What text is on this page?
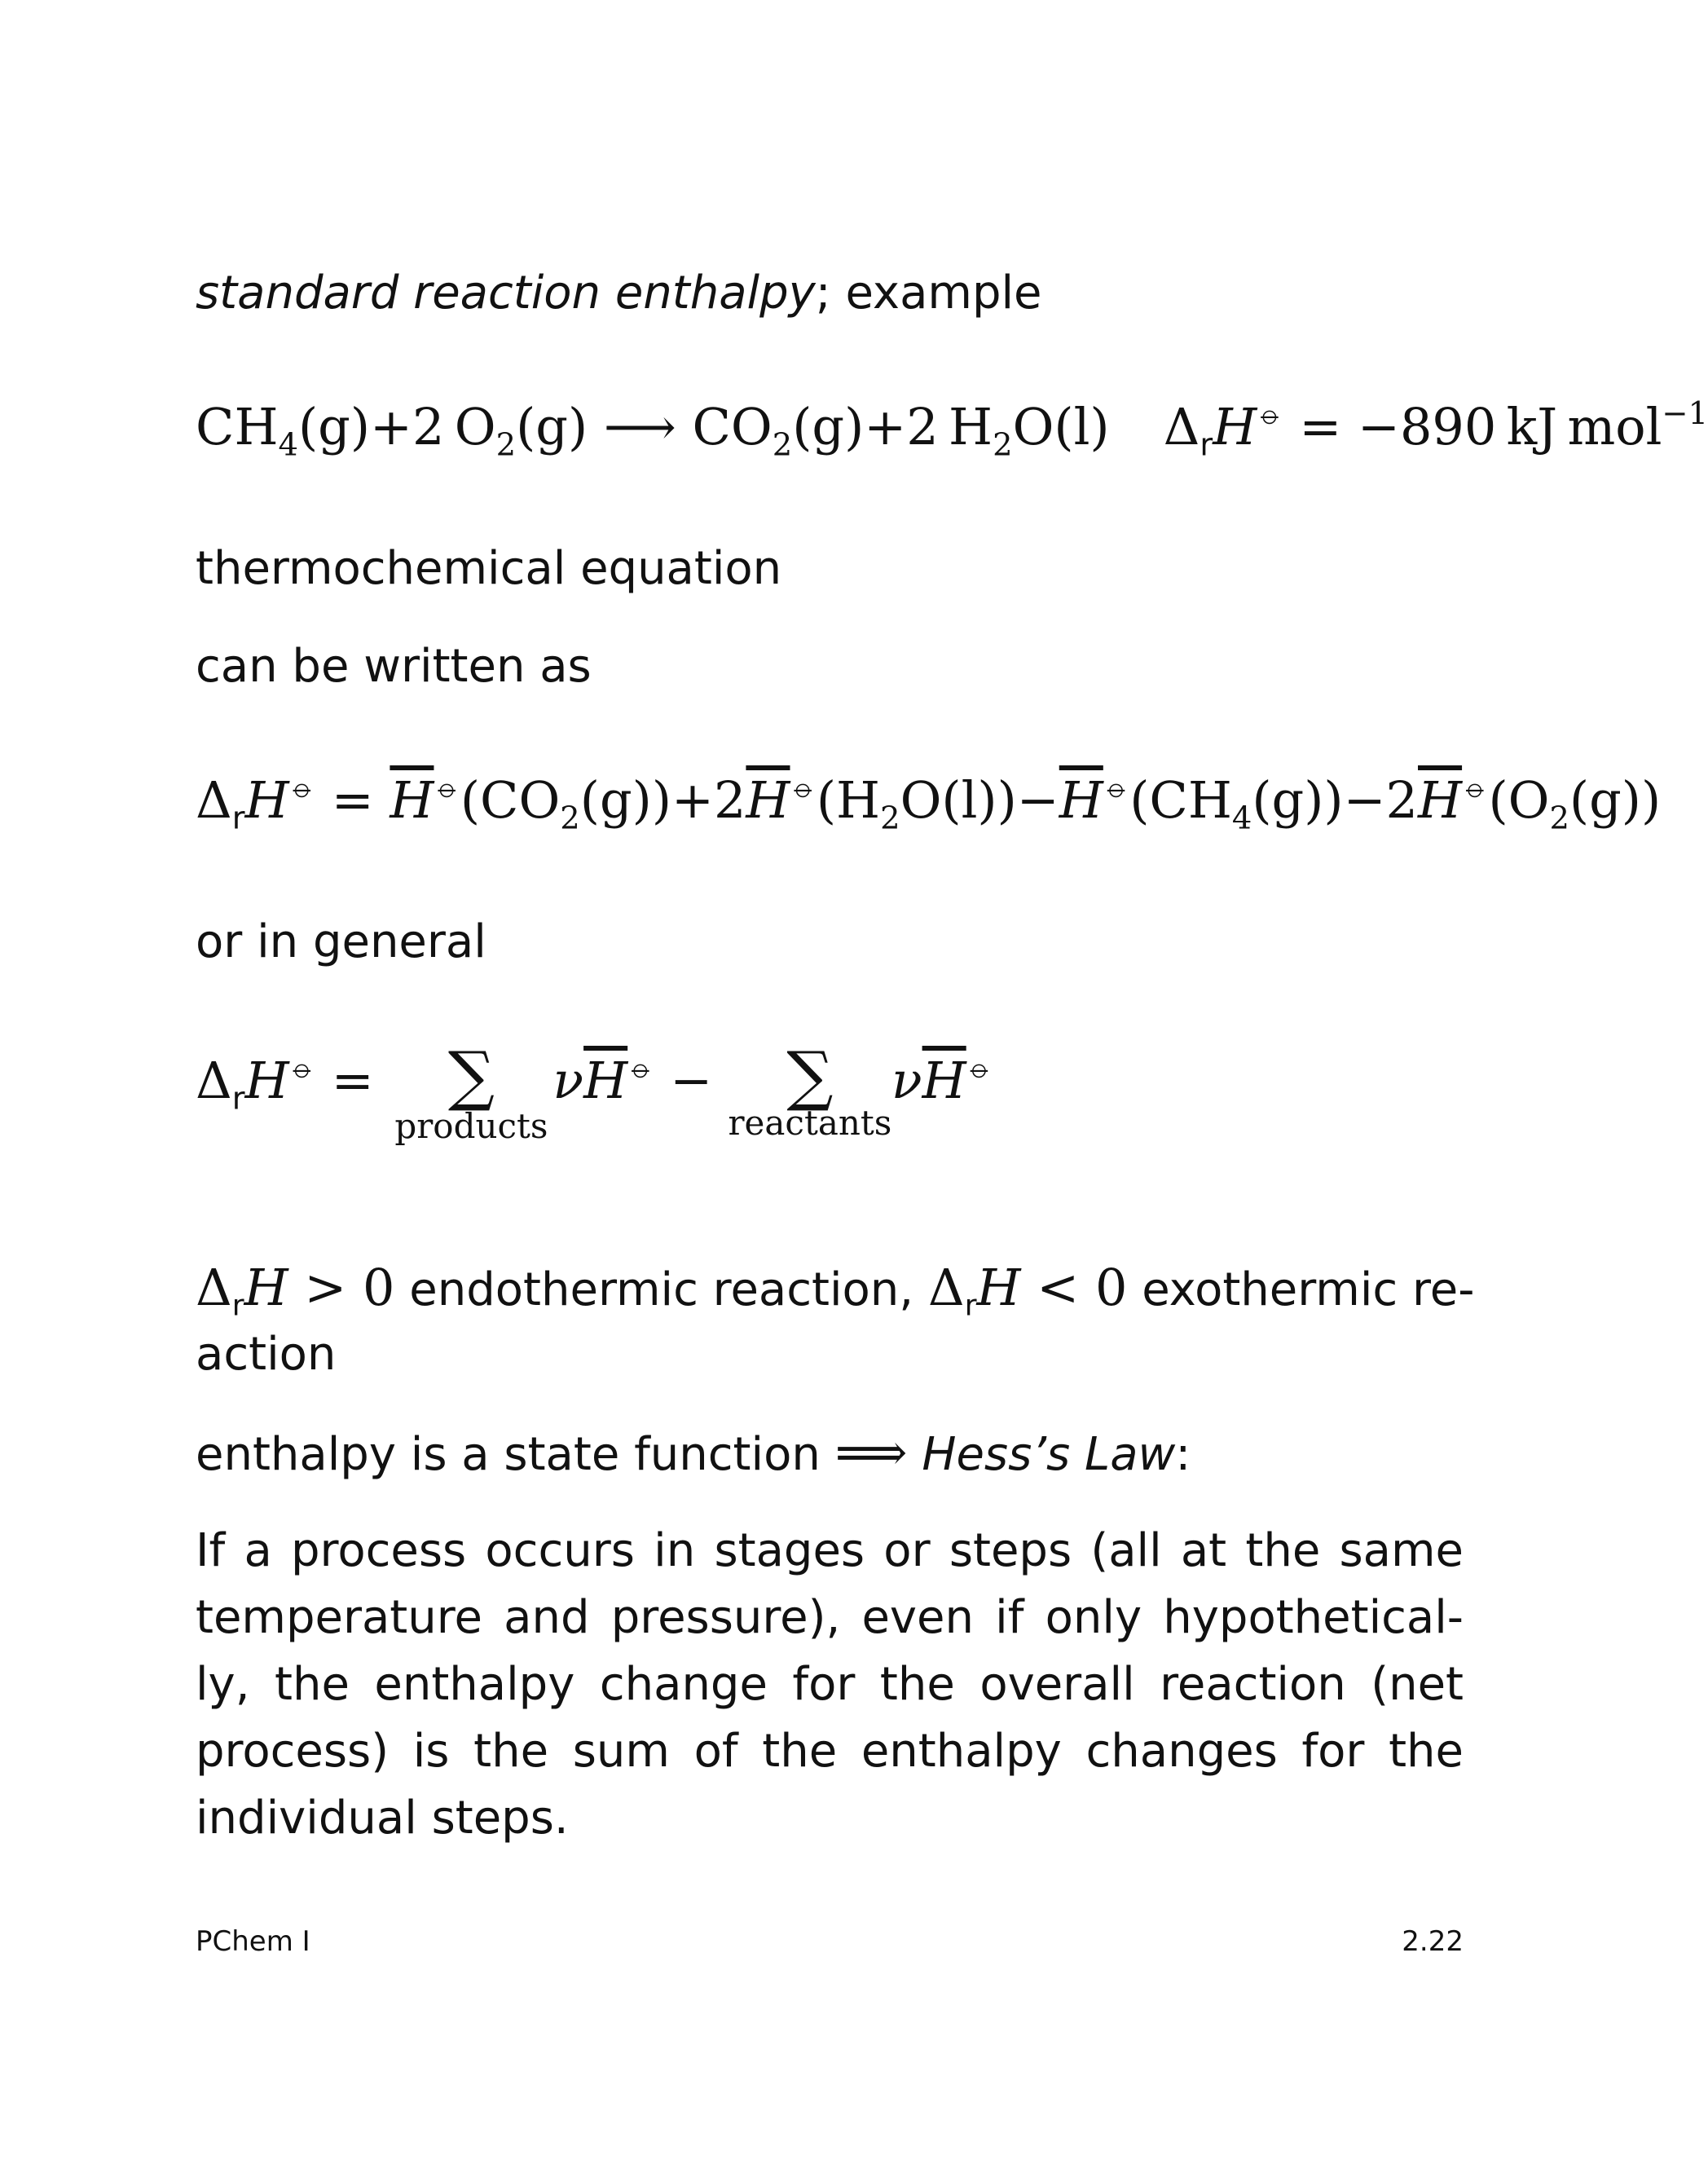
standard reaction enthalpy; example
$CH_4(g)+2$ $O_2(g)$ ⟶ $CO_2(g)+2$ $H_2O(l) \Delta_rH^⦵ = -890$ kJ mol$^{-1}$
thermochemical equation
can be written as
$\Delta_rH^⦵ = \overline{H}^⦵(CO_2(g))+2\overline{H}^⦵(H_2O(l))-\overline{H}^⦵(CH_4(g))-2\overline{H}^⦵(O_2(g))$
or in general
$\Delta_rH^⦵$ = ∑
products
$\nu\overline{H}^⦵$ − ∑
reactants
$\nu\overline{H}^⦵$
$\Delta_rH > 0$ endothermic reaction, $\Delta_rH < 0$ exothermic re-
action
enthalpy is a state function ⟹ Hess’s Law:
If a process occurs in stages or steps (all at the same
temperature and pressure), even if only hypothetical-
ly, the enthalpy change for the overall reaction (net
process) is the sum of the enthalpy changes for the
individual steps.
PChem I	2.22
